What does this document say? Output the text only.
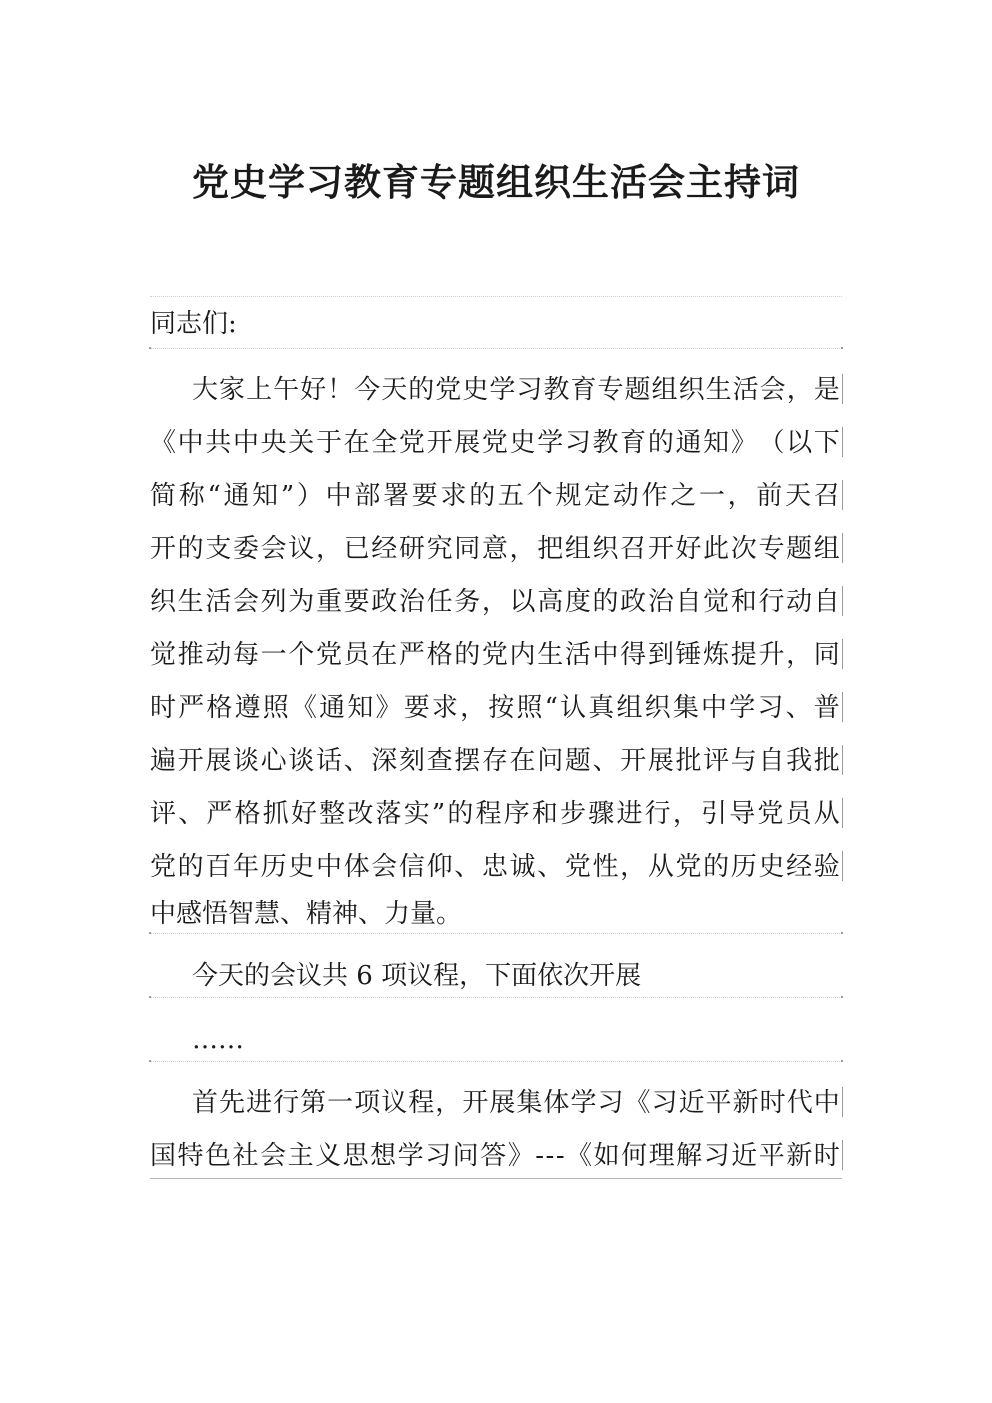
党史学习教育专题组织生活会主持词
同志们:
大 家 上 午 好 ！ 今 天 的 党 史 学 习 教 育 专 题 组 织 生 活 会 ， 是
《 中 共 中 央 关 于 在 全 党 开 展 党 史 学 习 教 育 的 通 知 》 （ 以 下
简 称 “ 通 知 ” ） 中 部 署 要 求 的 五 个 规 定 动 作 之 一 ， 前 天 召
开 的 支 委 会 议 ， 已 经 研 究 同 意 ， 把 组 织 召 开 好 此 次 专 题 组
织 生 活 会 列 为 重 要 政 治 任 务 ， 以 高 度 的 政 治 自 觉 和 行 动 自
觉 推 动 每 一 个 党 员 在 严 格 的 党 内 生 活 中 得 到 锤 炼 提 升 ， 同
时 严 格 遵 照 《 通 知 》 要 求 ， 按 照 “ 认 真 组 织 集 中 学 习 、 普
遍 开 展 谈 心 谈 话 、 深 刻 查 摆 存 在 问 题 、 开 展 批 评 与 自 我 批
评 、 严 格 抓 好 整 改 落 实 ” 的 程 序 和 步 骤 进 行 ， 引 导 党 员 从
党 的 百 年 历 史 中 体 会 信 仰 、 忠 诚 、 党 性 ， 从 党 的 历 史 经 验
中感悟智慧、精神、力量。
今天的会议共 6 项议程，下面依次开展
……
首 先 进 行 第 一 项 议 程 ， 开 展 集 体 学 习 《 习 近 平 新 时 代 中
国 特 色 社 会 主 义 思 想 学 习 问 答 》 - - - 《 如 何 理 解 习 近 平 新 时
